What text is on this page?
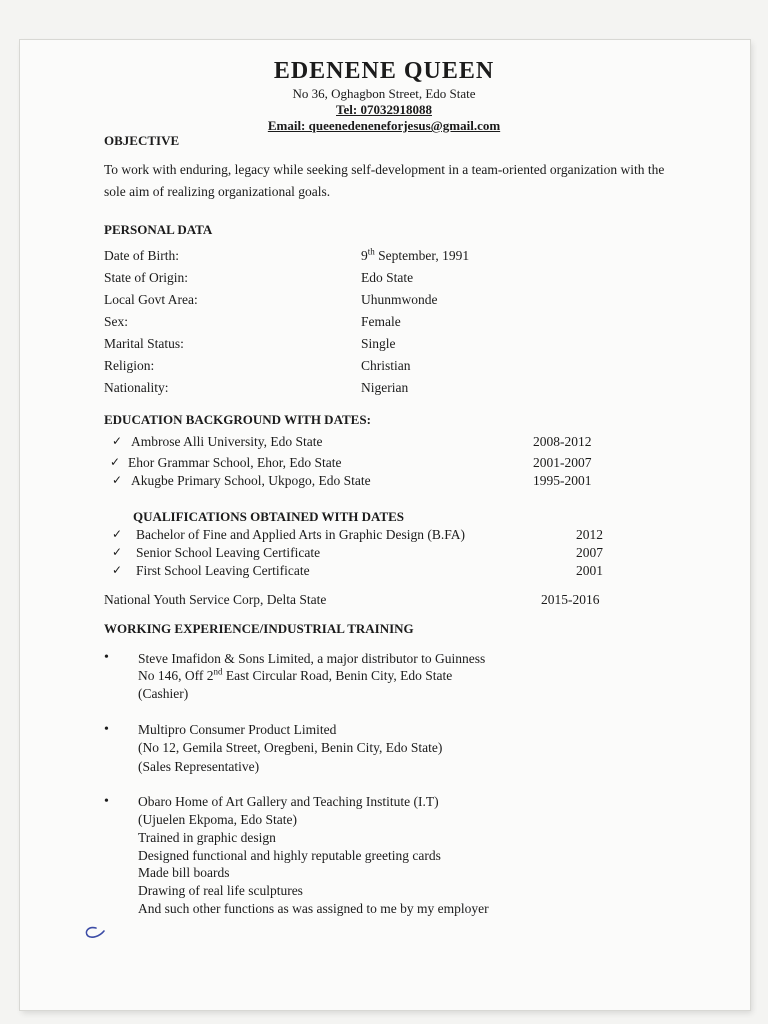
EDENENE QUEEN
No 36, Oghagbon Street, Edo State
Tel: 07032918088
Email: queenedeneneforjesus@gmail.com
OBJECTIVE
To work with enduring, legacy while seeking self-development in a team-oriented organization with the
sole aim of realizing organizational goals.
PERSONAL DATA
Date of Birth:	9th September, 1991
State of Origin:	Edo State
Local Govt Area:	Uhunmwonde
Sex:	Female
Marital Status:	Single
Religion:	Christian
Nationality:	Nigerian
EDUCATION BACKGROUND WITH DATES:
✓ Ambrose Alli University, Edo State	2008-2012
✓ Ehor Grammar School, Ehor, Edo State	2001-2007
✓ Akugbe Primary School, Ukpogo, Edo State	1995-2001
QUALIFICATIONS OBTAINED WITH DATES
✓ Bachelor of Fine and Applied Arts in Graphic Design (B.FA)	2012
✓ Senior School Leaving Certificate	2007
✓ First School Leaving Certificate	2001
National Youth Service Corp, Delta State	2015-2016
WORKING EXPERIENCE/INDUSTRIAL TRAINING
• Steve Imafidon & Sons Limited, a major distributor to Guinness
No 146, Off 2nd East Circular Road, Benin City, Edo State
(Cashier)
• Multipro Consumer Product Limited
(No 12, Gemila Street, Oregbeni, Benin City, Edo State)
(Sales Representative)
• Obaro Home of Art Gallery and Teaching Institute (I.T)
(Ujuelen Ekpoma, Edo State)
Trained in graphic design
Designed functional and highly reputable greeting cards
Made bill boards
Drawing of real life sculptures
And such other functions as was assigned to me by my employer
